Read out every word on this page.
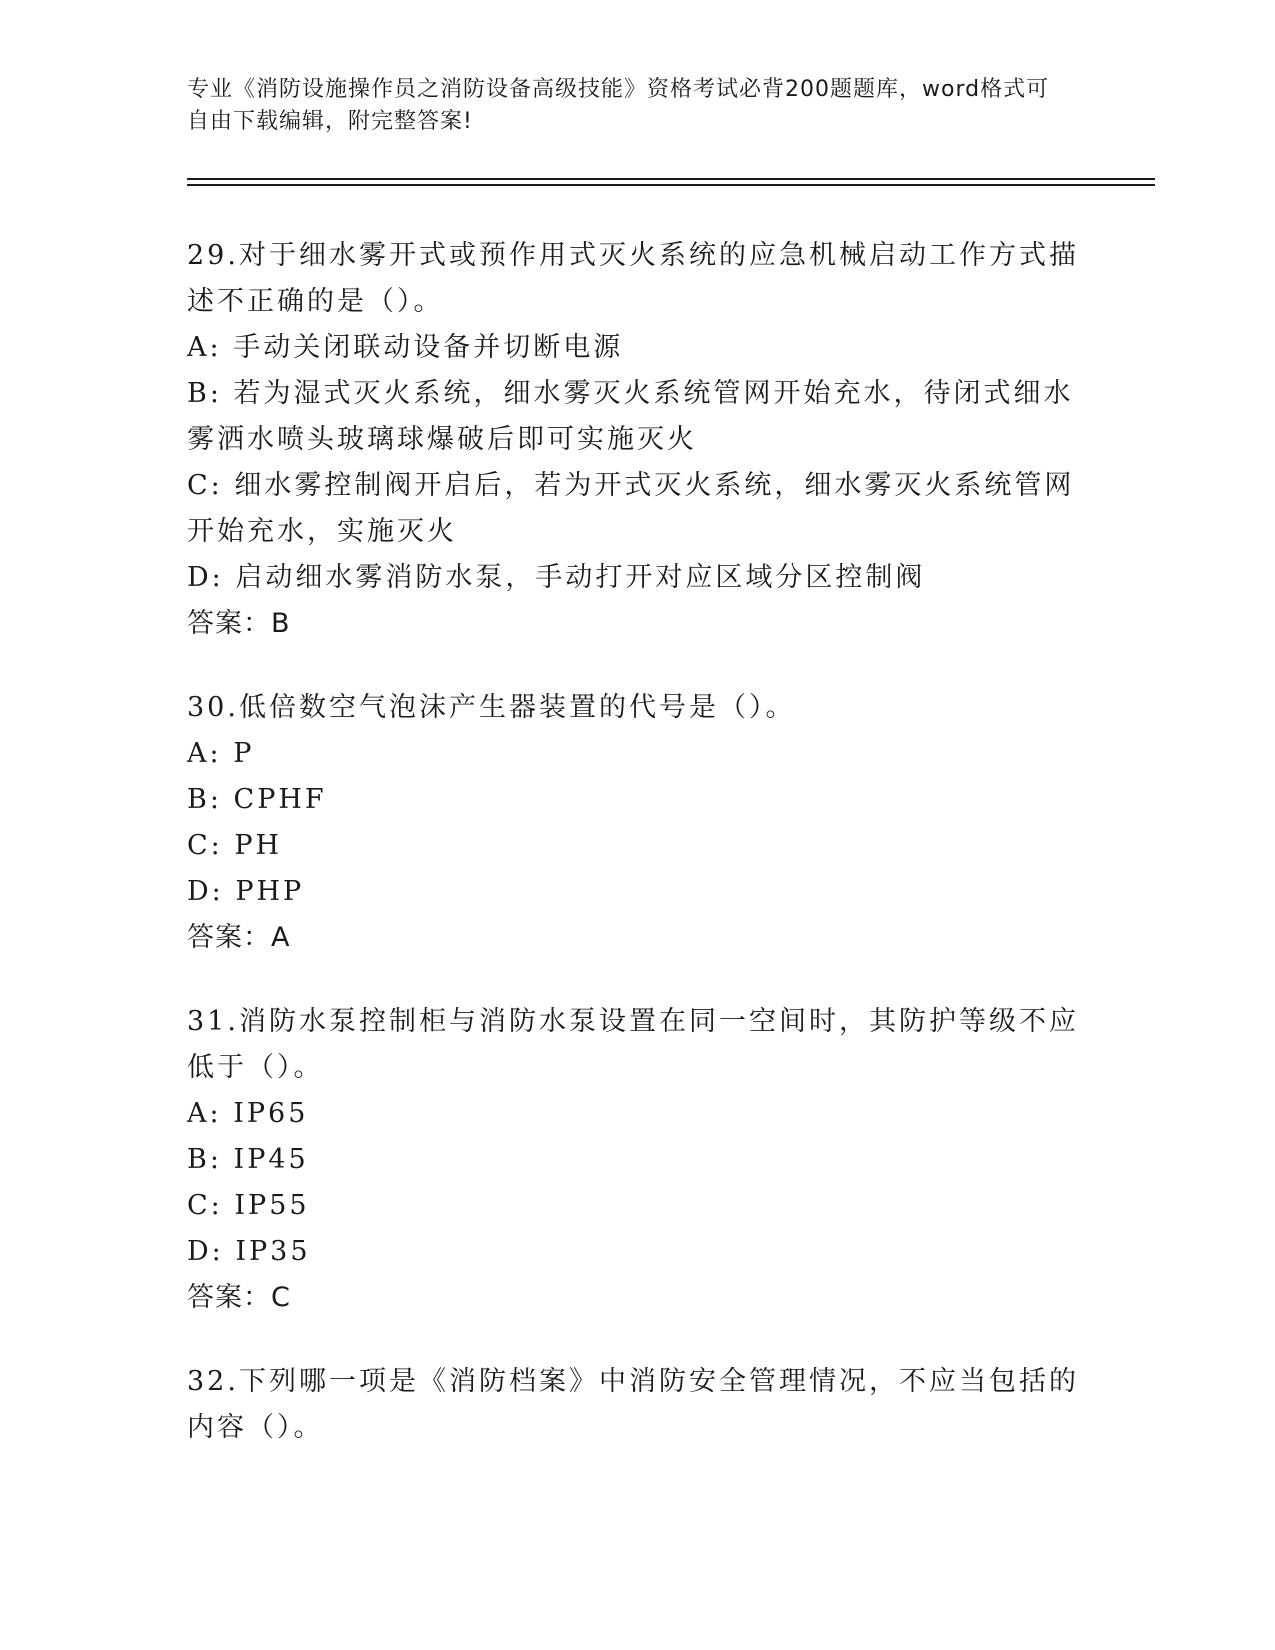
专业《消防设施操作员之消防设备高级技能》资格考试必背200题题库，word格式可自由下载编辑，附完整答案!

29.对于细水雾开式或预作用式灭火系统的应急机械启动工作方式描述不正确的是（）。

A: 手动关闭联动设备并切断电源

B: 若为湿式灭火系统，细水雾灭火系统管网开始充水，待闭式细水雾洒水喷头玻璃球爆破后即可实施灭火

C: 细水雾控制阀开启后，若为开式灭火系统，细水雾灭火系统管网开始充水，实施灭火

D: 启动细水雾消防水泵，手动打开对应区域分区控制阀

答案：B

30.低倍数空气泡沫产生器装置的代号是（）。

A: P

B: CPHF

C: PH

D: PHP

答案：A

31.消防水泵控制柜与消防水泵设置在同一空间时，其防护等级不应低于（）。

A: IP65

B: IP45

C: IP55

D: IP35

答案：C

32.下列哪一项是《消防档案》中消防安全管理情况，不应当包括的内容（）。
